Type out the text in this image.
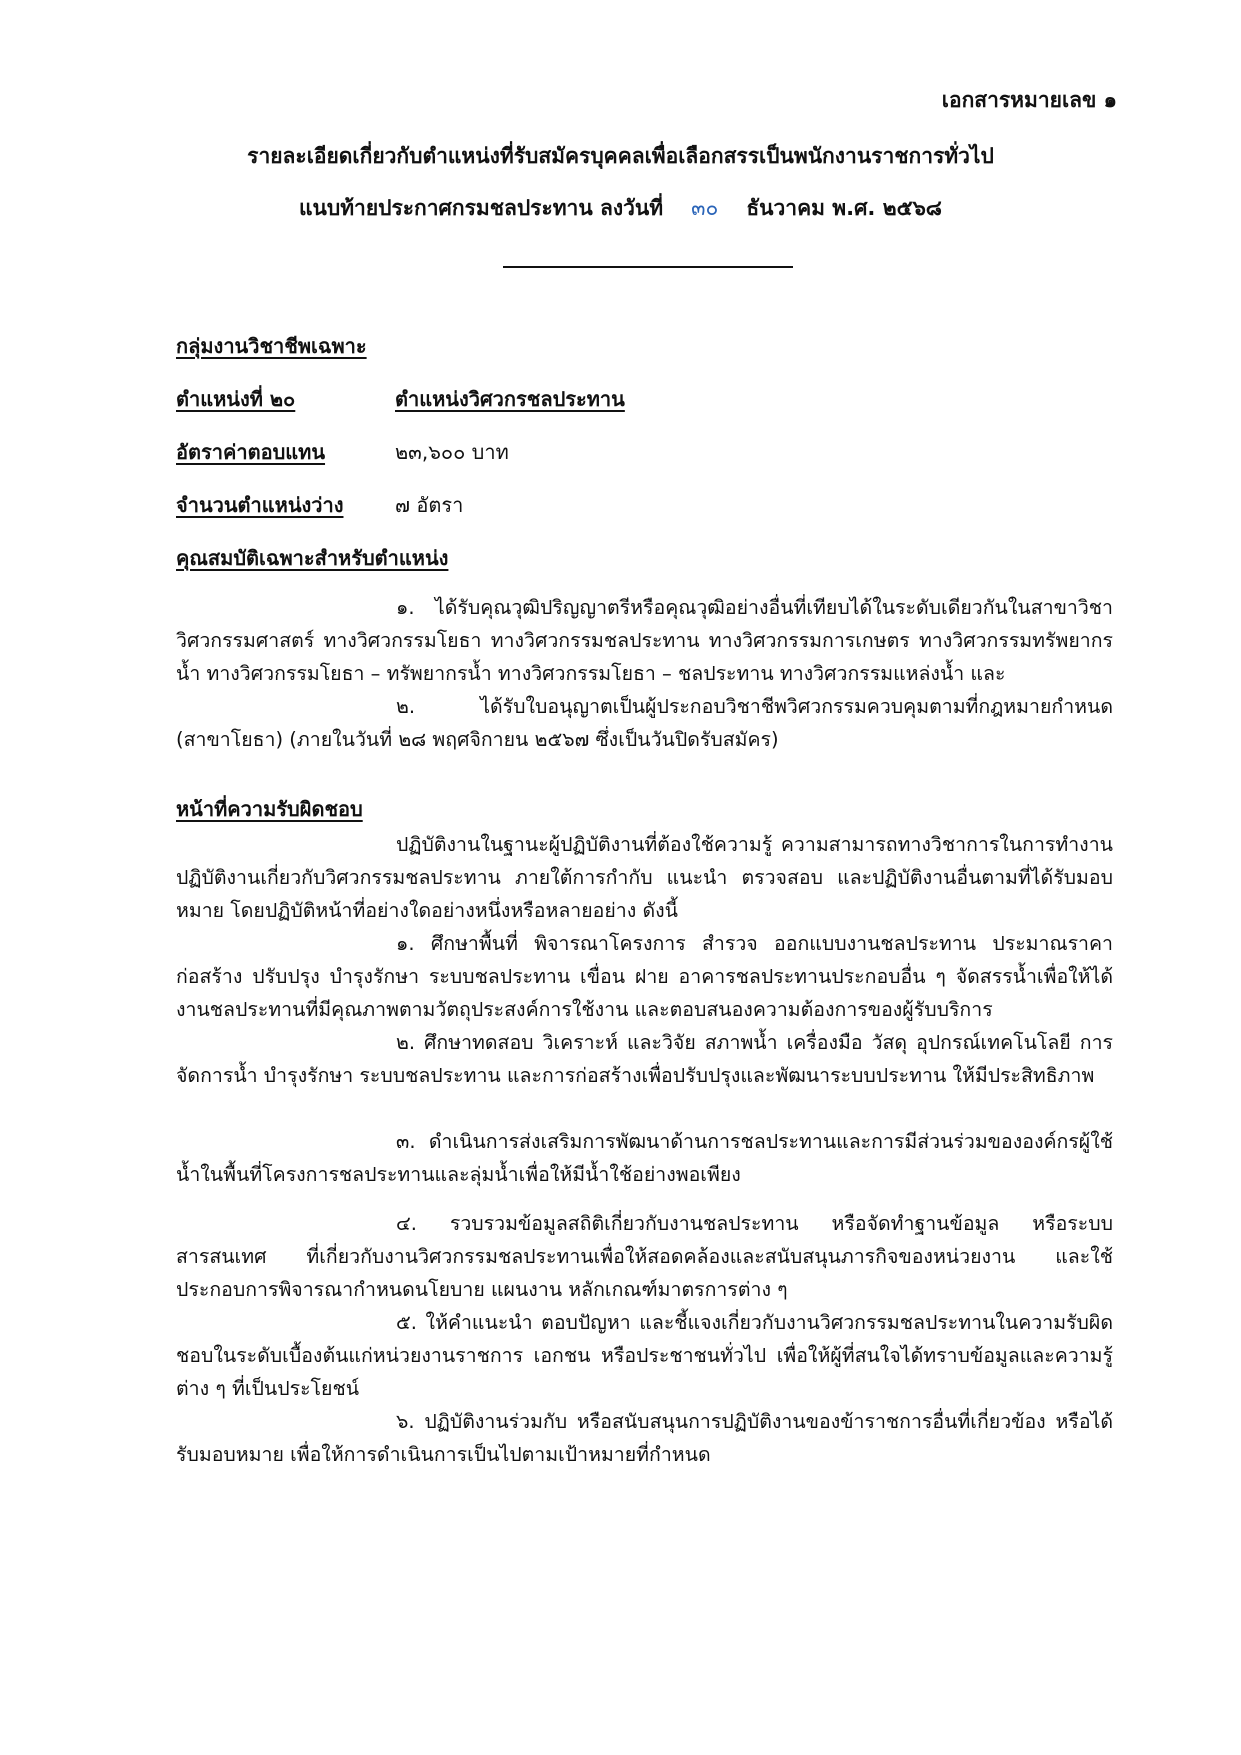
เอกสารหมายเลข ๑
รายละเอียดเกี่ยวกับตำแหน่งที่รับสมัครบุคคลเพื่อเลือกสรรเป็นพนักงานราชการทั่วไป
แนบท้ายประกาศกรมชลประทาน ลงวันที่ ๓๐ ธันวาคม พ.ศ. ๒๕๖๘
กลุ่มงานวิชาชีพเฉพาะ
ตำแหน่งที่ ๒๐	ตำแหน่งวิศวกรชลประทาน
อัตราค่าตอบแทน	๒๓,๖๐๐ บาท
จำนวนตำแหน่งว่าง	๗ อัตรา
คุณสมบัติเฉพาะสำหรับตำแหน่ง
๑. ได้รับคุณวุฒิปริญญาตรีหรือคุณวุฒิอย่างอื่นที่เทียบได้ในระดับเดียวกันในสาขาวิชาวิศวกรรมศาสตร์ ทางวิศวกรรมโยธา ทางวิศวกรรมชลประทาน ทางวิศวกรรมการเกษตร ทางวิศวกรรมทรัพยากรน้ำ ทางวิศวกรรมโยธา – ทรัพยากรน้ำ ทางวิศวกรรมโยธา – ชลประทาน ทางวิศวกรรมแหล่งน้ำ และ
๒. ได้รับใบอนุญาตเป็นผู้ประกอบวิชาชีพวิศวกรรมควบคุมตามที่กฎหมายกำหนด (สาขาโยธา) (ภายในวันที่ ๒๘ พฤศจิกายน ๒๕๖๗ ซึ่งเป็นวันปิดรับสมัคร)
หน้าที่ความรับผิดชอบ
ปฏิบัติงานในฐานะผู้ปฏิบัติงานที่ต้องใช้ความรู้ ความสามารถทางวิชาการในการทำงาน ปฏิบัติงานเกี่ยวกับวิศวกรรมชลประทาน ภายใต้การกำกับ แนะนำ ตรวจสอบ และปฏิบัติงานอื่นตามที่ได้รับมอบหมาย โดยปฏิบัติหน้าที่อย่างใดอย่างหนึ่งหรือหลายอย่าง ดังนี้
๑. ศึกษาพื้นที่ พิจารณาโครงการ สำรวจ ออกแบบงานชลประทาน ประมาณราคาก่อสร้าง ปรับปรุง บำรุงรักษา ระบบชลประทาน เขื่อน ฝาย อาคารชลประทานประกอบอื่น ๆ จัดสรรน้ำเพื่อให้ได้งานชลประทานที่มีคุณภาพตามวัตถุประสงค์การใช้งาน และตอบสนองความต้องการของผู้รับบริการ
๒. ศึกษาทดสอบ วิเคราะห์ และวิจัย สภาพน้ำ เครื่องมือ วัสดุ อุปกรณ์เทคโนโลยี การจัดการน้ำ บำรุงรักษา ระบบชลประทาน และการก่อสร้างเพื่อปรับปรุงและพัฒนาระบบประทาน ให้มีประสิทธิภาพ
๓. ดำเนินการส่งเสริมการพัฒนาด้านการชลประทานและการมีส่วนร่วมขององค์กรผู้ใช้น้ำในพื้นที่โครงการชลประทานและลุ่มน้ำเพื่อให้มีน้ำใช้อย่างพอเพียง
๔. รวบรวมข้อมูลสถิติเกี่ยวกับงานชลประทาน หรือจัดทำฐานข้อมูล หรือระบบสารสนเทศ ที่เกี่ยวกับงานวิศวกรรมชลประทานเพื่อให้สอดคล้องและสนับสนุนภารกิจของหน่วยงาน และใช้ประกอบการพิจารณากำหนดนโยบาย แผนงาน หลักเกณฑ์มาตรการต่าง ๆ
๕. ให้คำแนะนำ ตอบปัญหา และชี้แจงเกี่ยวกับงานวิศวกรรมชลประทานในความรับผิดชอบในระดับเบื้องต้นแก่หน่วยงานราชการ เอกชน หรือประชาชนทั่วไป เพื่อให้ผู้ที่สนใจได้ทราบข้อมูลและความรู้ต่าง ๆ ที่เป็นประโยชน์
๖. ปฏิบัติงานร่วมกับ หรือสนับสนุนการปฏิบัติงานของข้าราชการอื่นที่เกี่ยวข้อง หรือได้รับมอบหมาย เพื่อให้การดำเนินการเป็นไปตามเป้าหมายที่กำหนด
